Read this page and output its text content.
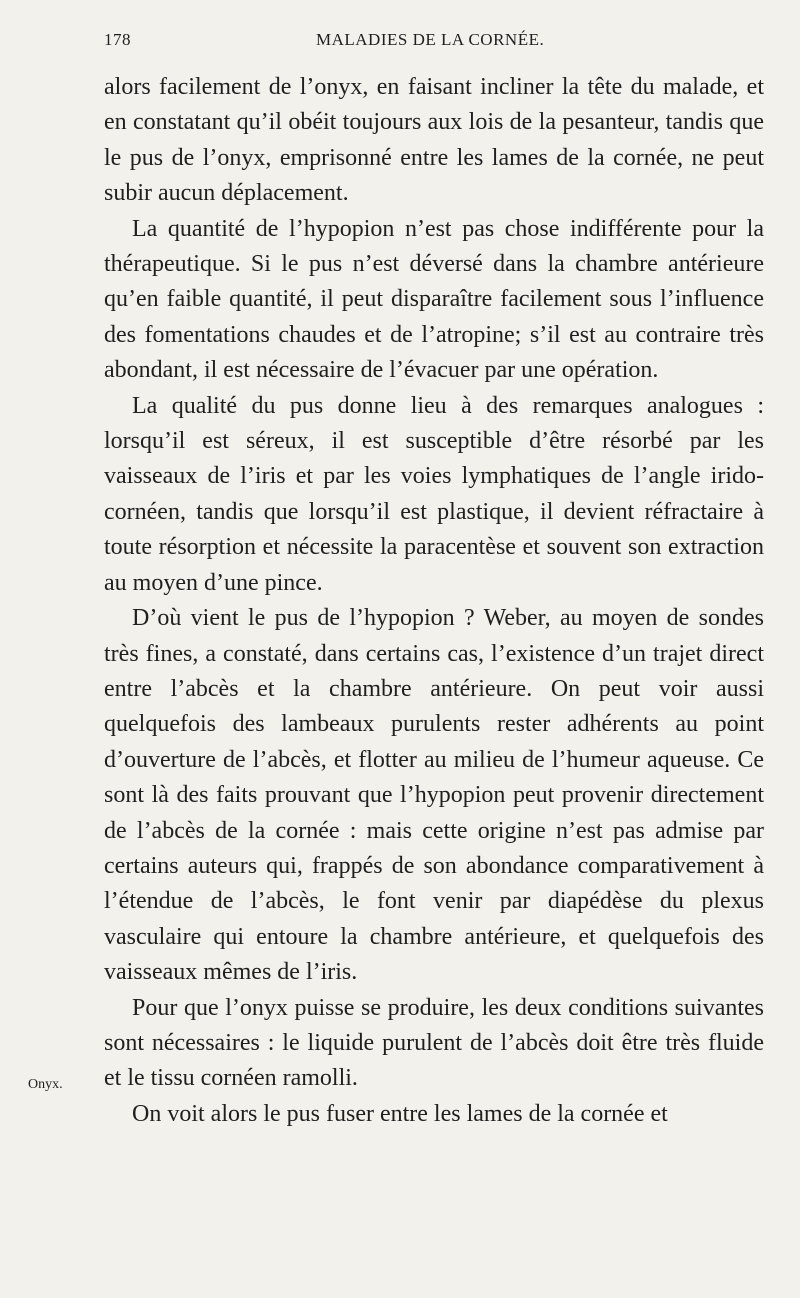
178	MALADIES DE LA CORNÉE.

alors facilement de l’onyx, en faisant incliner la tête du malade, et en constatant qu’il obéit toujours aux lois de la pesanteur, tandis que le pus de l’onyx, emprisonné entre les lames de la cornée, ne peut subir aucun déplacement.

La quantité de l’hypopion n’est pas chose indifférente pour la thérapeutique. Si le pus n’est déversé dans la chambre antérieure qu’en faible quantité, il peut disparaître facilement sous l’influence des fomentations chaudes et de l’atropine; s’il est au contraire très abondant, il est nécessaire de l’évacuer par une opération.

La qualité du pus donne lieu à des remarques analogues : lorsqu’il est séreux, il est susceptible d’être résorbé par les vaisseaux de l’iris et par les voies lymphatiques de l’angle irido-cornéen, tandis que lorsqu’il est plastique, il devient réfractaire à toute résorption et nécessite la paracentèse et souvent son extraction au moyen d’une pince.

D’où vient le pus de l’hypopion ? Weber, au moyen de sondes très fines, a constaté, dans certains cas, l’existence d’un trajet direct entre l’abcès et la chambre antérieure. On peut voir aussi quelquefois des lambeaux purulents rester adhérents au point d’ouverture de l’abcès, et flotter au milieu de l’humeur aqueuse. Ce sont là des faits prouvant que l’hypopion peut provenir directement de l’abcès de la cornée : mais cette origine n’est pas admise par certains auteurs qui, frappés de son abondance comparativement à l’étendue de l’abcès, le font venir par diapédèse du plexus vasculaire qui entoure la chambre antérieure, et quelquefois des vaisseaux mêmes de l’iris.

Pour que l’onyx puisse se produire, les deux conditions suivantes sont nécessaires : le liquide purulent de l’abcès doit être très fluide et le tissu cornéen ramolli.

On voit alors le pus fuser entre les lames de la cornée et

Onyx.
